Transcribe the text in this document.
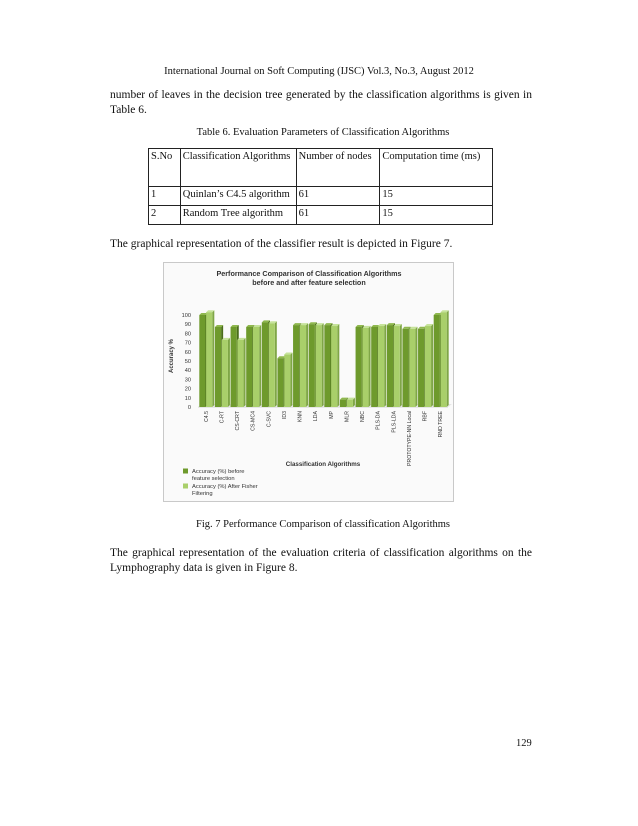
International Journal on Soft Computing (IJSC) Vol.3, No.3, August 2012

number of leaves in the decision tree generated by the classification algorithms is given in Table 6.

Table 6. Evaluation Parameters of Classification Algorithms
S.No	Classification Algorithms	Number of nodes	Computation time (ms)
1	Quinlan’s C4.5 algorithm	61	15
2	Random Tree algorithm	61	15

The graphical representation of the classifier result is depicted in Figure 7.

Performance Comparison of Classification Algorithms
before and after feature selection
0
10
20
30
40
50
60
70
80
90
100
C4.5 C-RT CS-CRT CS-MC4 C-SVC ID3 KNN LDA MP MLR NBC PLS-DA PLS-LDA PROTOTYPE-NN Local RBF RND TREE
Accuracy %
Classification Algorithms
Accuracy (%) before
feature selection
Accuracy (%) After Fisher
Filtering
Fig. 7 Performance Comparison of classification Algorithms

The graphical representation of the evaluation criteria of classification algorithms on the Lymphography data is given in Figure 8.

129
